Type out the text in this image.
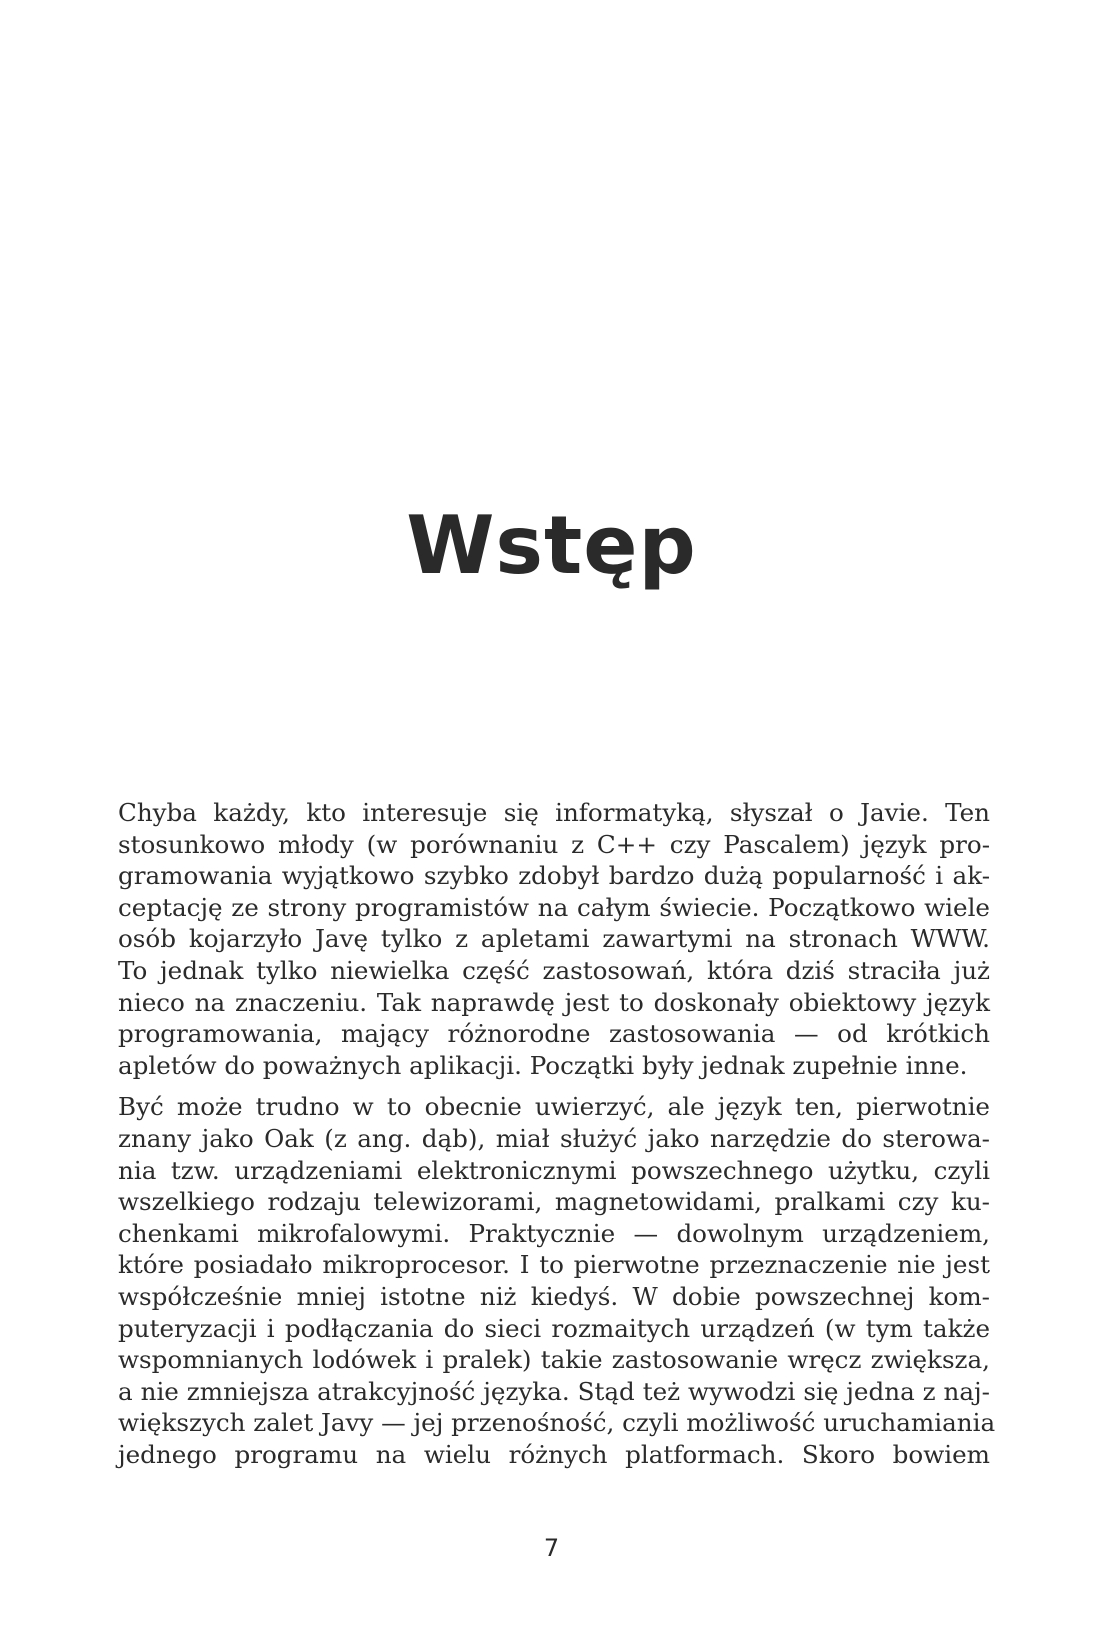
Wstęp
Chyba każdy, kto interesuje się informatyką, słyszał o Javie. Ten
stosunkowo młody (w porównaniu z C++ czy Pascalem) język pro-
gramowania wyjątkowo szybko zdobył bardzo dużą popularność i ak-
ceptację ze strony programistów na całym świecie. Początkowo wiele
osób kojarzyło Javę tylko z apletami zawartymi na stronach WWW.
To jednak tylko niewielka część zastosowań, która dziś straciła już
nieco na znaczeniu. Tak naprawdę jest to doskonały obiektowy język
programowania, mający różnorodne zastosowania — od krótkich
apletów do poważnych aplikacji. Początki były jednak zupełnie inne.
Być może trudno w to obecnie uwierzyć, ale język ten, pierwotnie
znany jako Oak (z ang. dąb), miał służyć jako narzędzie do sterowa-
nia tzw. urządzeniami elektronicznymi powszechnego użytku, czyli
wszelkiego rodzaju telewizorami, magnetowidami, pralkami czy ku-
chenkami mikrofalowymi. Praktycznie — dowolnym urządzeniem,
które posiadało mikroprocesor. I to pierwotne przeznaczenie nie jest
współcześnie mniej istotne niż kiedyś. W dobie powszechnej kom-
puteryzacji i podłączania do sieci rozmaitych urządzeń (w tym także
wspomnianych lodówek i pralek) takie zastosowanie wręcz zwiększa,
a nie zmniejsza atrakcyjność języka. Stąd też wywodzi się jedna z naj-
większych zalet Javy — jej przenośność, czyli możliwość uruchamiania
jednego programu na wielu różnych platformach. Skoro bowiem
7
